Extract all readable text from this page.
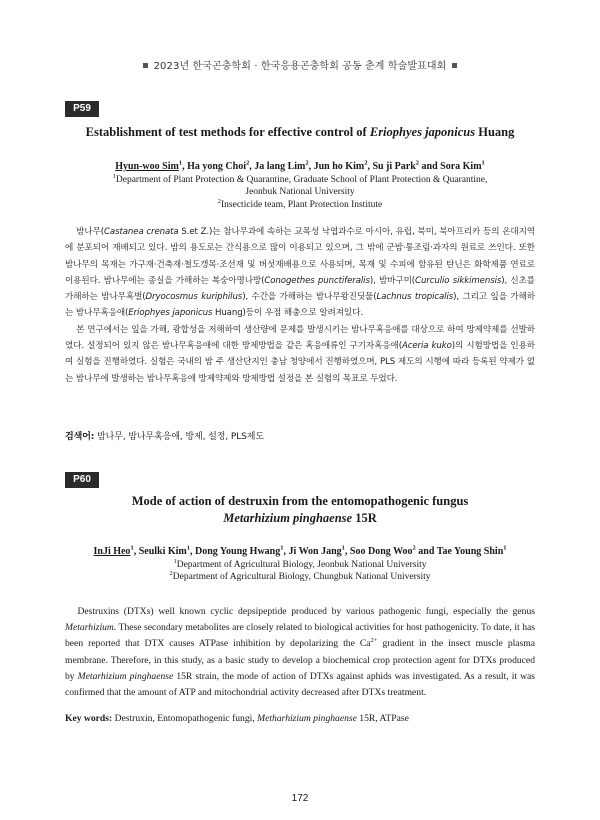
2023년 한국곤충학회 · 한국응용곤충학회 공동 춘계 학술발표대회
P59
Establishment of test methods for effective control of Eriophyes japonicus Huang
Hyun-woo Sim$^1$, Ha yong Choi$^2$, Ja lang Lim$^2$, Jun ho Kim$^2$, Su ji Park$^2$ and Sora Kim$^1$
$^1$Department of Plant Protection & Quarantine, Graduate School of Plant Protection & Quarantine,
Jeonbuk National University
$^2$Insecticide team, Plant Protection Institute

밤나무(Castanea crenata S.et Z.)는 참나무과에 속하는 교목성 낙엽과수로 아시아, 유럽, 북미, 북아프리카 등의 온대지역에 분포되어 재배되고 있다. 밤의 용도로는 간식용으로 많이 이용되고 있으며, 그 밖에 군밤·통조림·과자의 원료로 쓰인다. 또한 밤나무의 목재는 가구재·건축재·철도갱목·조선재 및 버섯재배용으로 사용되며, 목재 및 수피에 함유된 탄닌은 화학제품 연료로 이용된다. 밤나무에는 종실을 가해하는 복숭아명나방(Conogethes punctiferalis), 밤바구미(Curculio sikkimensis), 신초를 가해하는 밤나무혹벌(Dryocosmus kuriphilus), 수간을 가해하는 밤나무왕진딧물(Lachnus tropicalis), 그리고 잎을 가해하는 밤나무혹응애(Eriophyes japonicus Huang)등이 우점 해충으로 알려져있다.

본 연구에서는 잎을 가해, 광합성을 저해하여 생산량에 문제를 발생시키는 밤나무혹응애를 대상으로 하여 방제약제를 선발하였다. 설정되어 있지 않은 밤나무혹응애에 대한 방제방법을 같은 혹응애류인 구기자혹응애(Aceria kuko)의 시험방법을 인용하여 실험을 진행하였다. 실험은 국내의 밤 주 생산단지인 충남 청양에서 진행하였으며, PLS 제도의 시행에 따라 등록된 약제가 없는 밤나무에 발생하는 밤나무혹응애 방제약제와 방제방법 설정을 본 실험의 목표로 두었다.

검색어: 밤나무, 밤나무혹응애, 방제, 설정, PLS제도
P60
Mode of action of destruxin from the entomopathogenic fungus
Metarhizium pinghaense 15R
InJi Heo$^1$, Seulki Kim$^1$, Dong Young Hwang$^1$, Ji Won Jang$^1$, Soo Dong Woo$^2$ and Tae Young Shin$^1$
$^1$Department of Agricultural Biology, Jeonbuk National University
$^2$Department of Agricultural Biology, Chungbuk National University

Destruxins (DTXs) well known cyclic depsipeptide produced by various pathogenic fungi, especially the genus Metarhizium. These secondary metabolites are closely related to biological activities for host pathogenicity. To date, it has been reported that DTX causes ATPase inhibition by depolarizing the $Ca^{2+}$ gradient in the insect muscle plasma membrane. Therefore, in this study, as a basic study to develop a biochemical crop protection agent for DTXs produced by Metarhizium pinghaense 15R strain, the mode of action of DTXs against aphids was investigated. As a result, it was confirmed that the amount of ATP and mitochondrial activity decreased after DTXs treatment.

Key words: Destruxin, Entomopathogenic fungi, Metharhizium pinghaense 15R, ATPase
172
